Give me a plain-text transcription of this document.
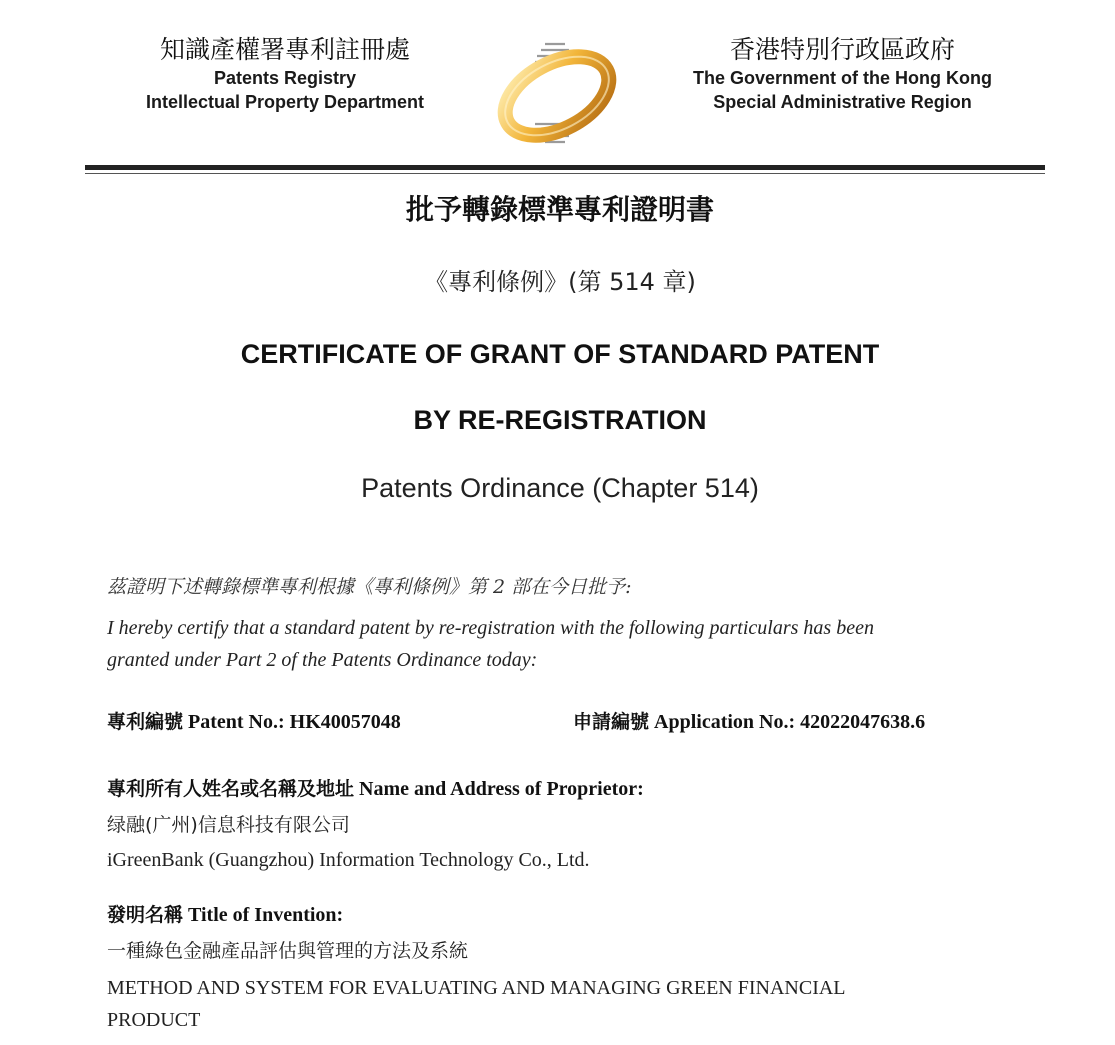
知識產權署專利註冊處
Patents Registry
Intellectual Property Department
香港特別行政區政府
The Government of the Hong Kong
Special Administrative Region
批予轉錄標準專利證明書
《專利條例》(第 514 章)
CERTIFICATE OF GRANT OF STANDARD PATENT
BY RE-REGISTRATION
Patents Ordinance (Chapter 514)
茲證明下述轉錄標準專利根據《專利條例》第 2 部在今日批予:
I hereby certify that a standard patent by re-registration with the following particulars has been
granted under Part 2 of the Patents Ordinance today:
專利編號 Patent No.: HK40057048	申請編號 Application No.: 42022047638.6
專利所有人姓名或名稱及地址 Name and Address of Proprietor:
绿融(广州)信息科技有限公司
iGreenBank (Guangzhou) Information Technology Co., Ltd.
發明名稱 Title of Invention:
一種綠色金融產品評估與管理的方法及系統
METHOD AND SYSTEM FOR EVALUATING AND MANAGING GREEN FINANCIAL
PRODUCT
